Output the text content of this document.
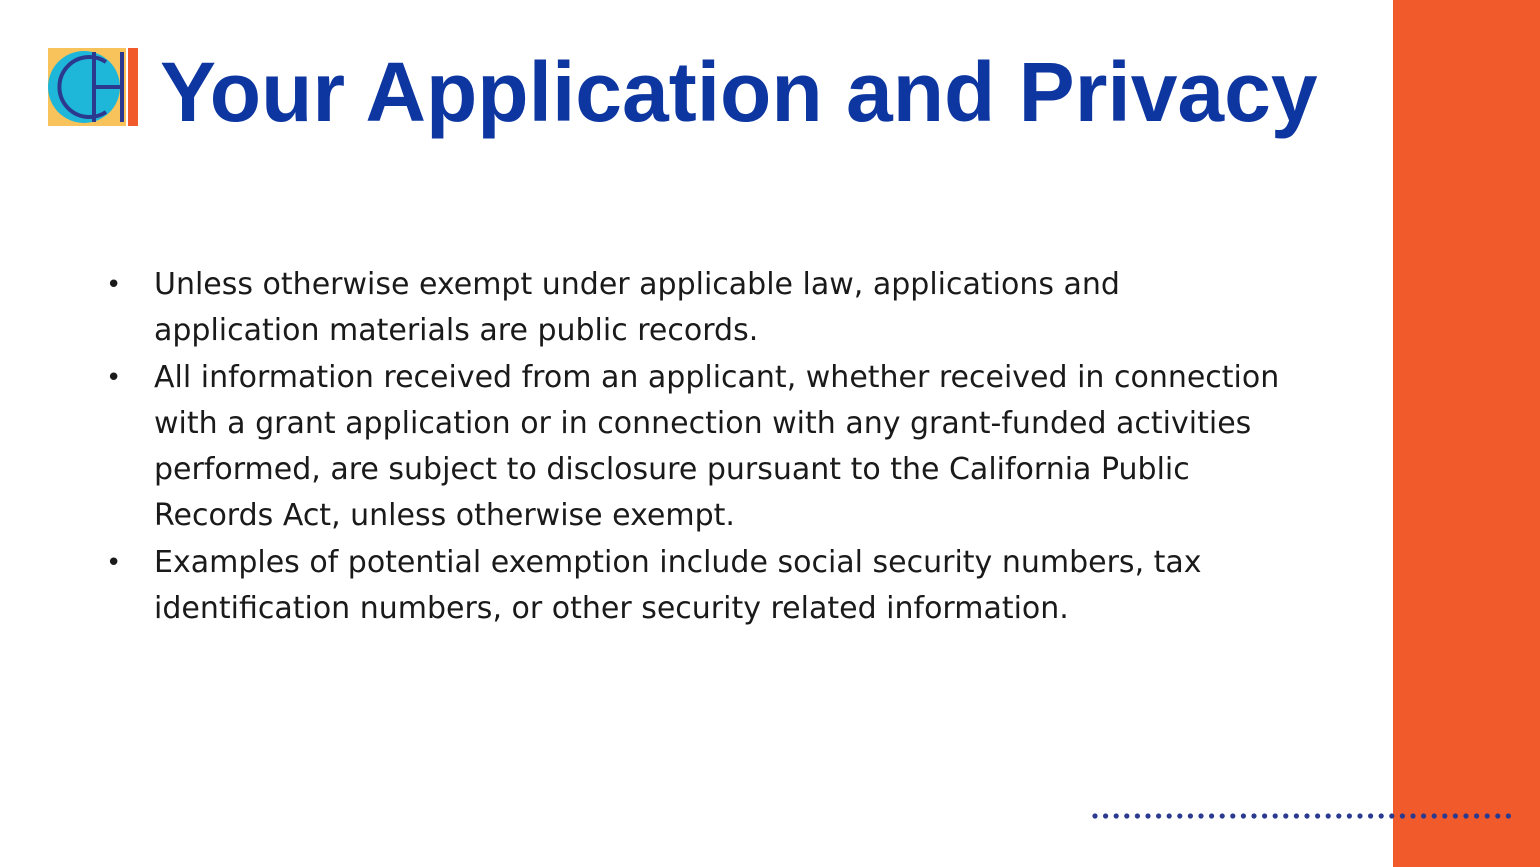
Your Application and Privacy
• Unless otherwise exempt under applicable law, applications and application materials are public records.
• All information received from an applicant, whether received in connection with a grant application or in connection with any grant-funded activities performed, are subject to disclosure pursuant to the California Public Records Act, unless otherwise exempt.
• Examples of potential exemption include social security numbers, tax identification numbers, or other security related information.
